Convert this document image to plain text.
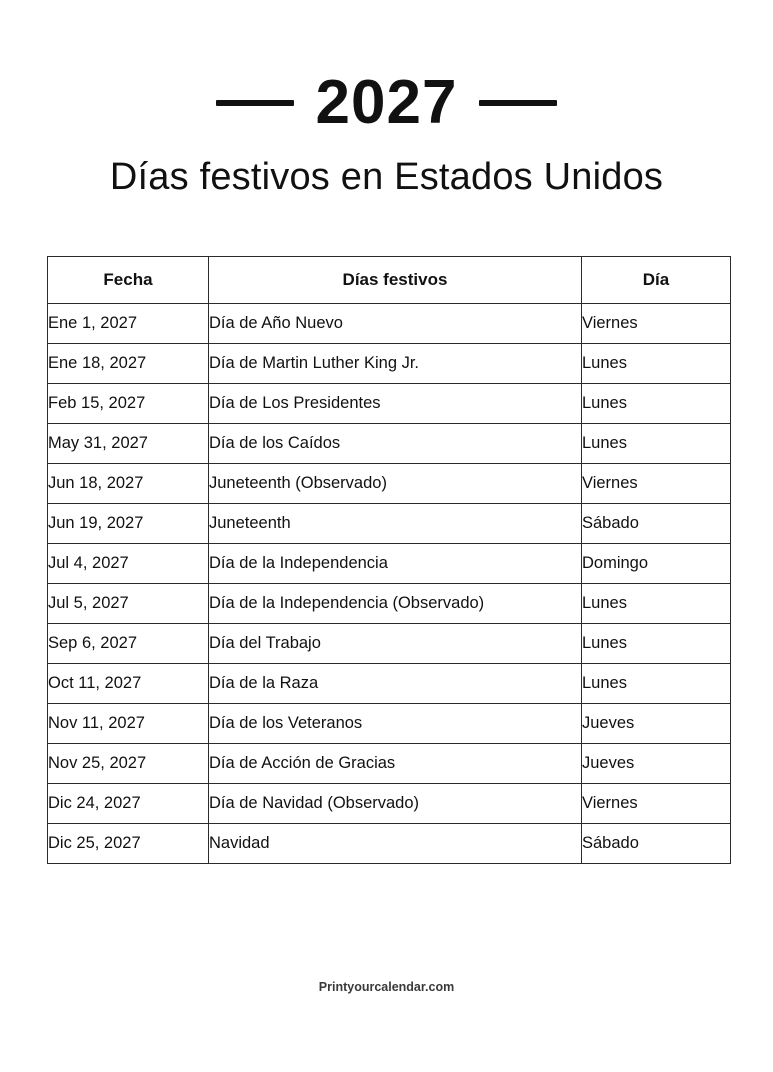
2027
Días festivos en Estados Unidos
Fecha	Días festivos	Día
Ene 1, 2027	Día de Año Nuevo	Viernes
Ene 18, 2027	Día de Martin Luther King Jr.	Lunes
Feb 15, 2027	Día de Los Presidentes	Lunes
May 31, 2027	Día de los Caídos	Lunes
Jun 18, 2027	Juneteenth (Observado)	Viernes
Jun 19, 2027	Juneteenth	Sábado
Jul 4, 2027	Día de la Independencia	Domingo
Jul 5, 2027	Día de la Independencia (Observado)	Lunes
Sep 6, 2027	Día del Trabajo	Lunes
Oct 11, 2027	Día de la Raza	Lunes
Nov 11, 2027	Día de los Veteranos	Jueves
Nov 25, 2027	Día de Acción de Gracias	Jueves
Dic 24, 2027	Día de Navidad (Observado)	Viernes
Dic 25, 2027	Navidad	Sábado
Printyourcalendar.com
